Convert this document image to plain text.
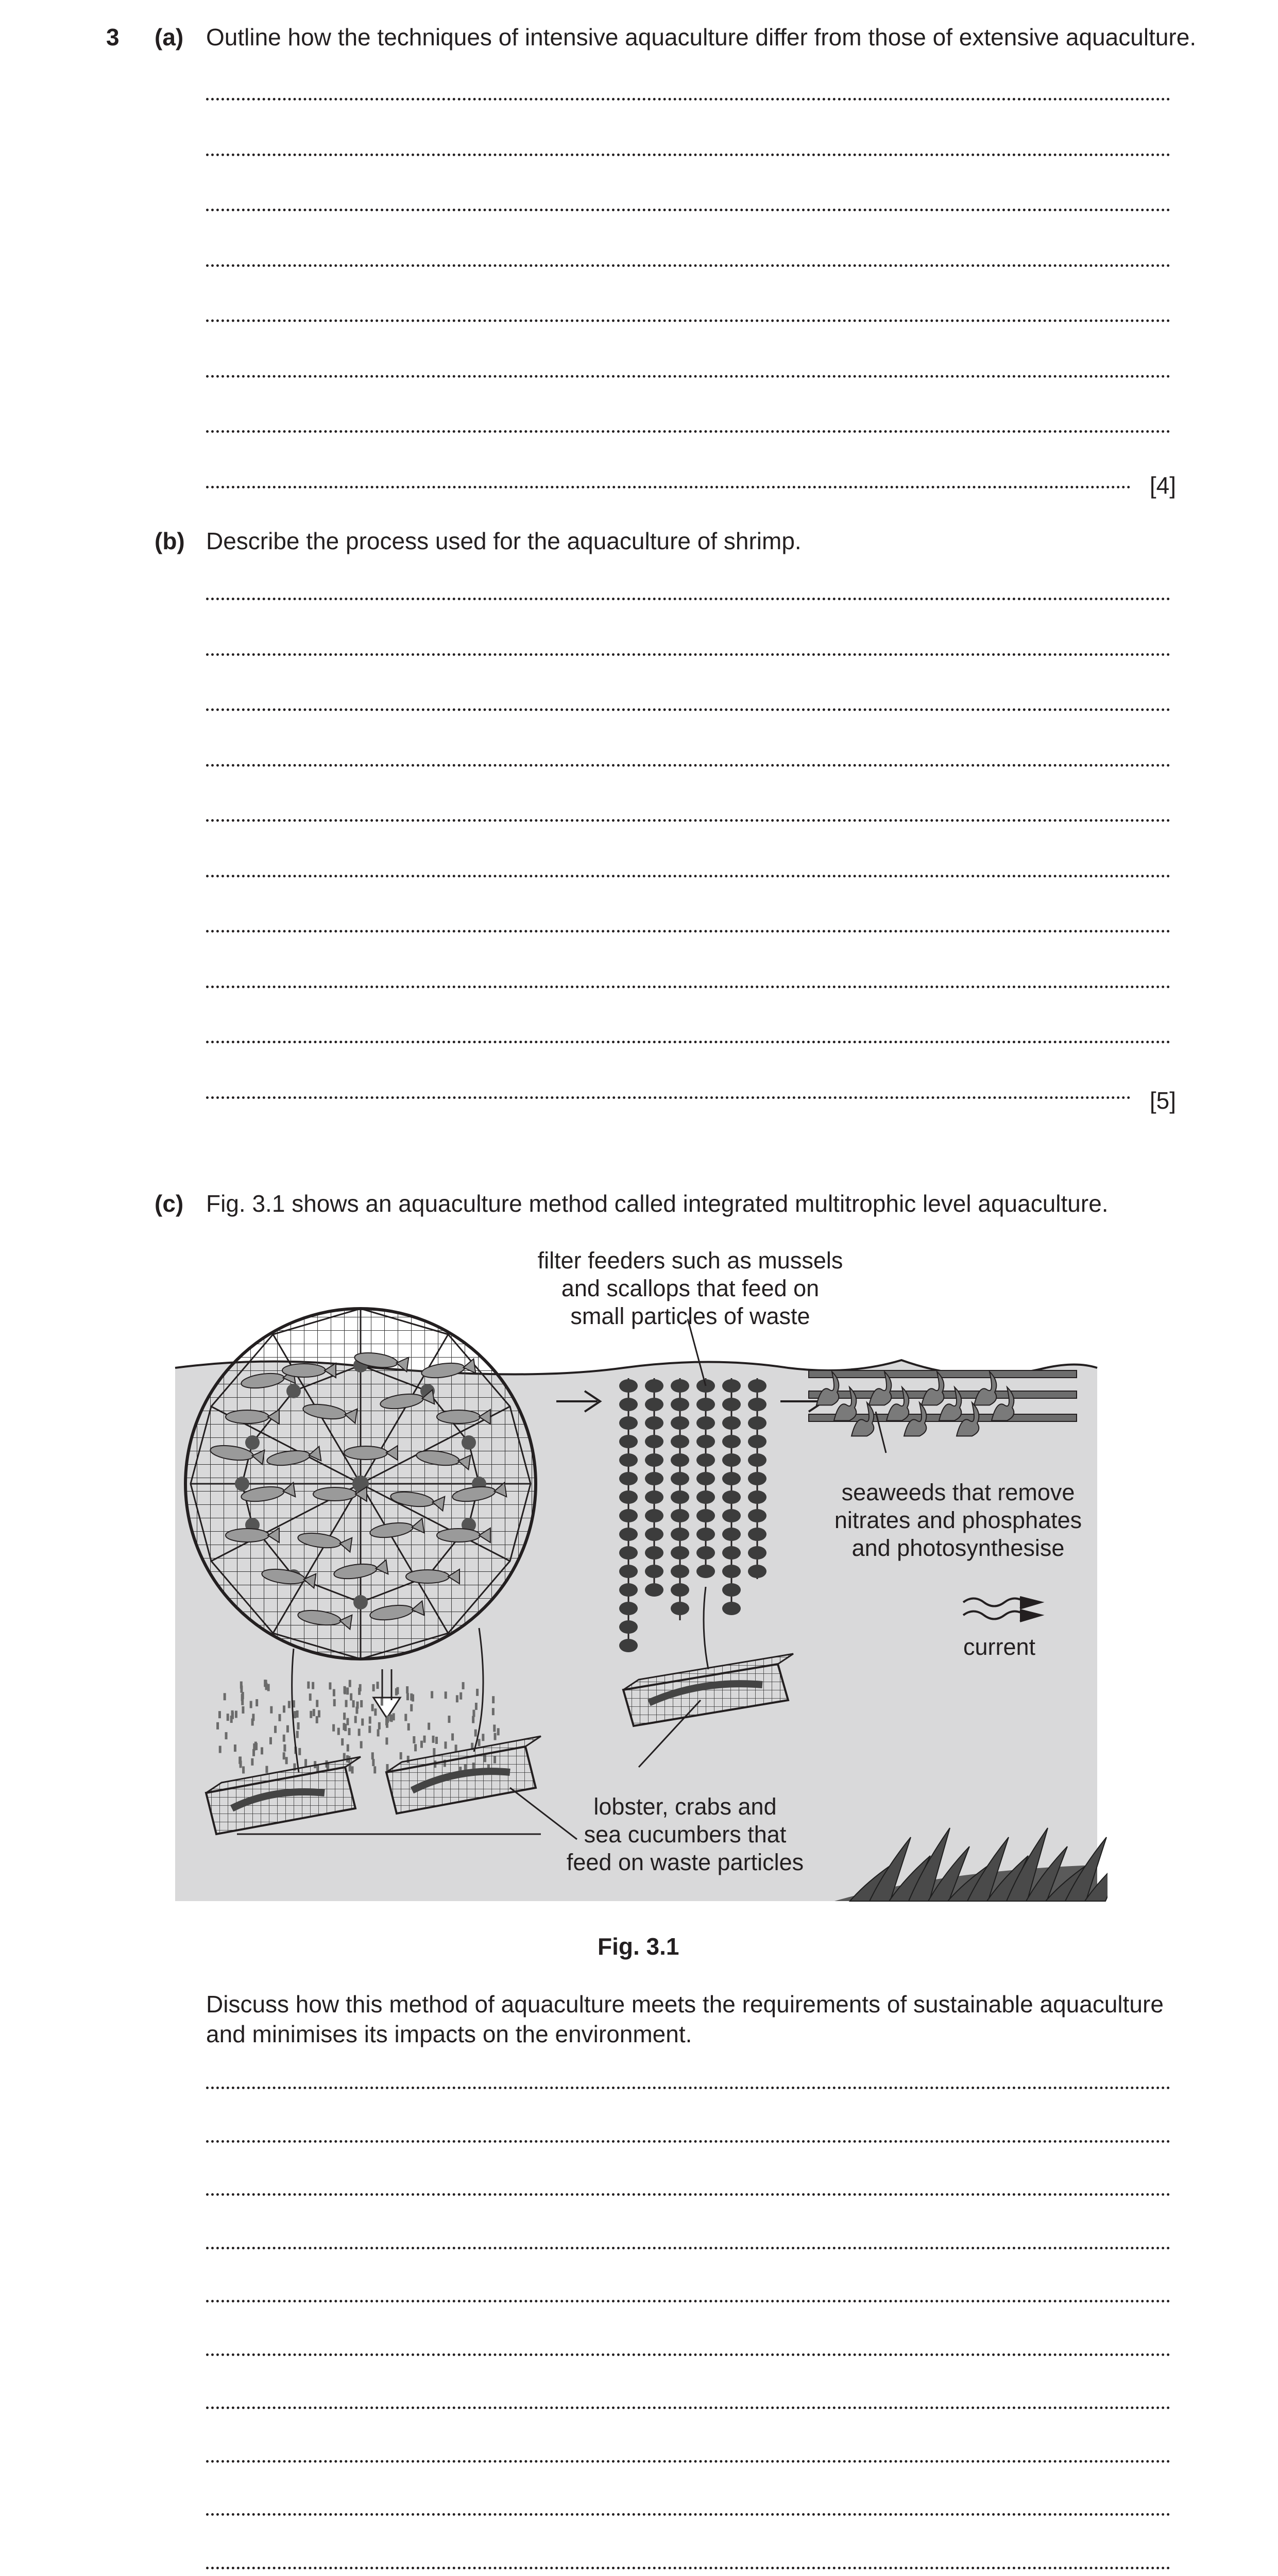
3 (a) Outline how the techniques of intensive aquaculture differ from those of extensive aquaculture.
[4]
(b) Describe the process used for the aquaculture of shrimp.
[5]
(c) Fig. 3.1 shows an aquaculture method called integrated multitrophic level aquaculture.
filter feeders such as mussels
and scallops that feed on
small particles of waste
seaweeds that remove
nitrates and phosphates
and photosynthesise
current
lobster, crabs and
sea cucumbers that
feed on waste particles
Fig. 3.1
Discuss how this method of aquaculture meets the requirements of sustainable aquaculture
and minimises its impacts on the environment.
